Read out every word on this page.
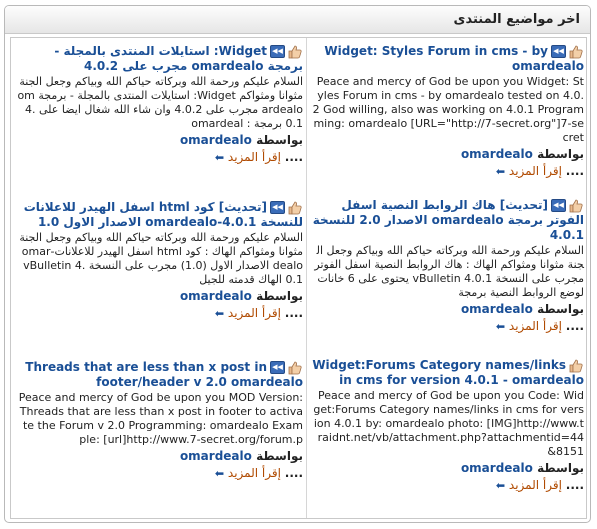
اخر مواضيع المنتدى
◀◀Widget: Styles Forum in cms - by omardealo

Peace and mercy of God be upon you Widget: Styles Forum in cms - by omardealo tested on 4.0.2 God willing, also was working on 4.0.1 Programming: omardealo [URL="http://7-secret.org"]7-secret

بواسطة omardealo
.... إقرأ المزيد ⬅
◀◀Widget: استايلات المنتدى بالمجلة - برمجة omardealo مجرب على 4.0.2

السلام عليكم ورحمة الله وبركاته حياكم الله وبياكم وجعل الجنة مثوانا ومثواكم Widget: استايلات المنتدى بالمجلة - برمجة omardealo مجرب على 4.0.2 وان شاء الله شغال ايضا على 4.0.1 برمجة : omardeal

بواسطة omardealo
.... إقرأ المزيد ⬅
◀◀[تحديث] هاك الروابط النصية اسفل الفوتر برمجة omardealo الاصدار 2.0 للنسخة 4.0.1

السلام عليكم ورحمة الله وبركاته حياكم الله وبياكم وجعل الجنة مثوانا ومثواكم الهاك : هاك الروابط النصية اسفل الفوتر مجرب على النسخة vBulletin 4.0.1 يحتوى على 6 خانات لوضع الروابط النصية برمجة

بواسطة omardealo
.... إقرأ المزيد ⬅
◀◀[تحديث] كود html اسفل الهيدر للاعلانات للنسخة 4.0.1-omardealo الاصدار الاول 1.0

السلام عليكم ورحمة الله وبركاته حياكم الله وبياكم وجعل الجنة مثوانا ومثواكم الهاك : كود html اسفل الهيدر للاعلانات-omardealo الاصدار الاول (1.0) مجرب على النسخة vBulletin 4.0.1 الهاك قدمته للجيل

بواسطة omardealo
.... إقرأ المزيد ⬅
Widget:Forums Category names/links in cms for version 4.0.1 - omardealo

Peace and mercy of God be upon you Code: Widget:Forums Category names/links in cms for version 4.0.1 by: omardealo photo: [IMG]http://www.traidnt.net/vb/attachment.php?attachmentid=448151&

بواسطة omardealo
.... إقرأ المزيد ⬅
◀◀Threads that are less than x post in footer/header v 2.0 omardealo

Peace and mercy of God be upon you MOD Version: Threads that are less than x post in footer to activate the Forum v 2.0 Programming: omardealo Example: [url]http://www.7-secret.org/forum.p

بواسطة omardealo
.... إقرأ المزيد ⬅
